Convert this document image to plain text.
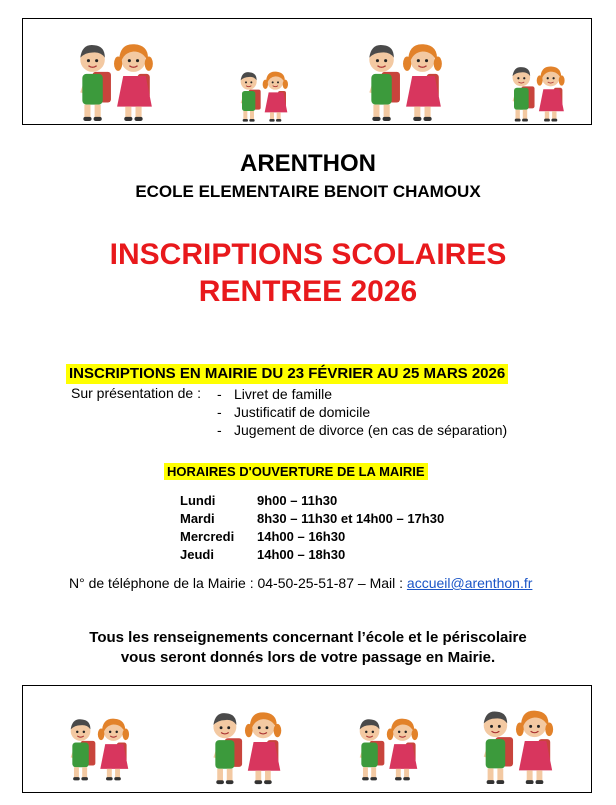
ARENTHON
ECOLE ELEMENTAIRE BENOIT CHAMOUX
INSCRIPTIONS SCOLAIRES
RENTREE 2026
INSCRIPTIONS EN MAIRIE DU 23 FÉVRIER AU 25 MARS 2026
Sur présentation de : - Livret de famille
- Justificatif de domicile
- Jugement de divorce (en cas de séparation)
HORAIRES D'OUVERTURE DE LA MAIRIE
Lundi	9h00 – 11h30
Mardi	8h30 – 11h30 et 14h00 – 17h30
Mercredi	14h00 – 16h30
Jeudi	14h00 – 18h30
N° de téléphone de la Mairie : 04-50-25-51-87 – Mail : accueil@arenthon.fr
Tous les renseignements concernant l’école et le périscolaire
vous seront donnés lors de votre passage en Mairie.
